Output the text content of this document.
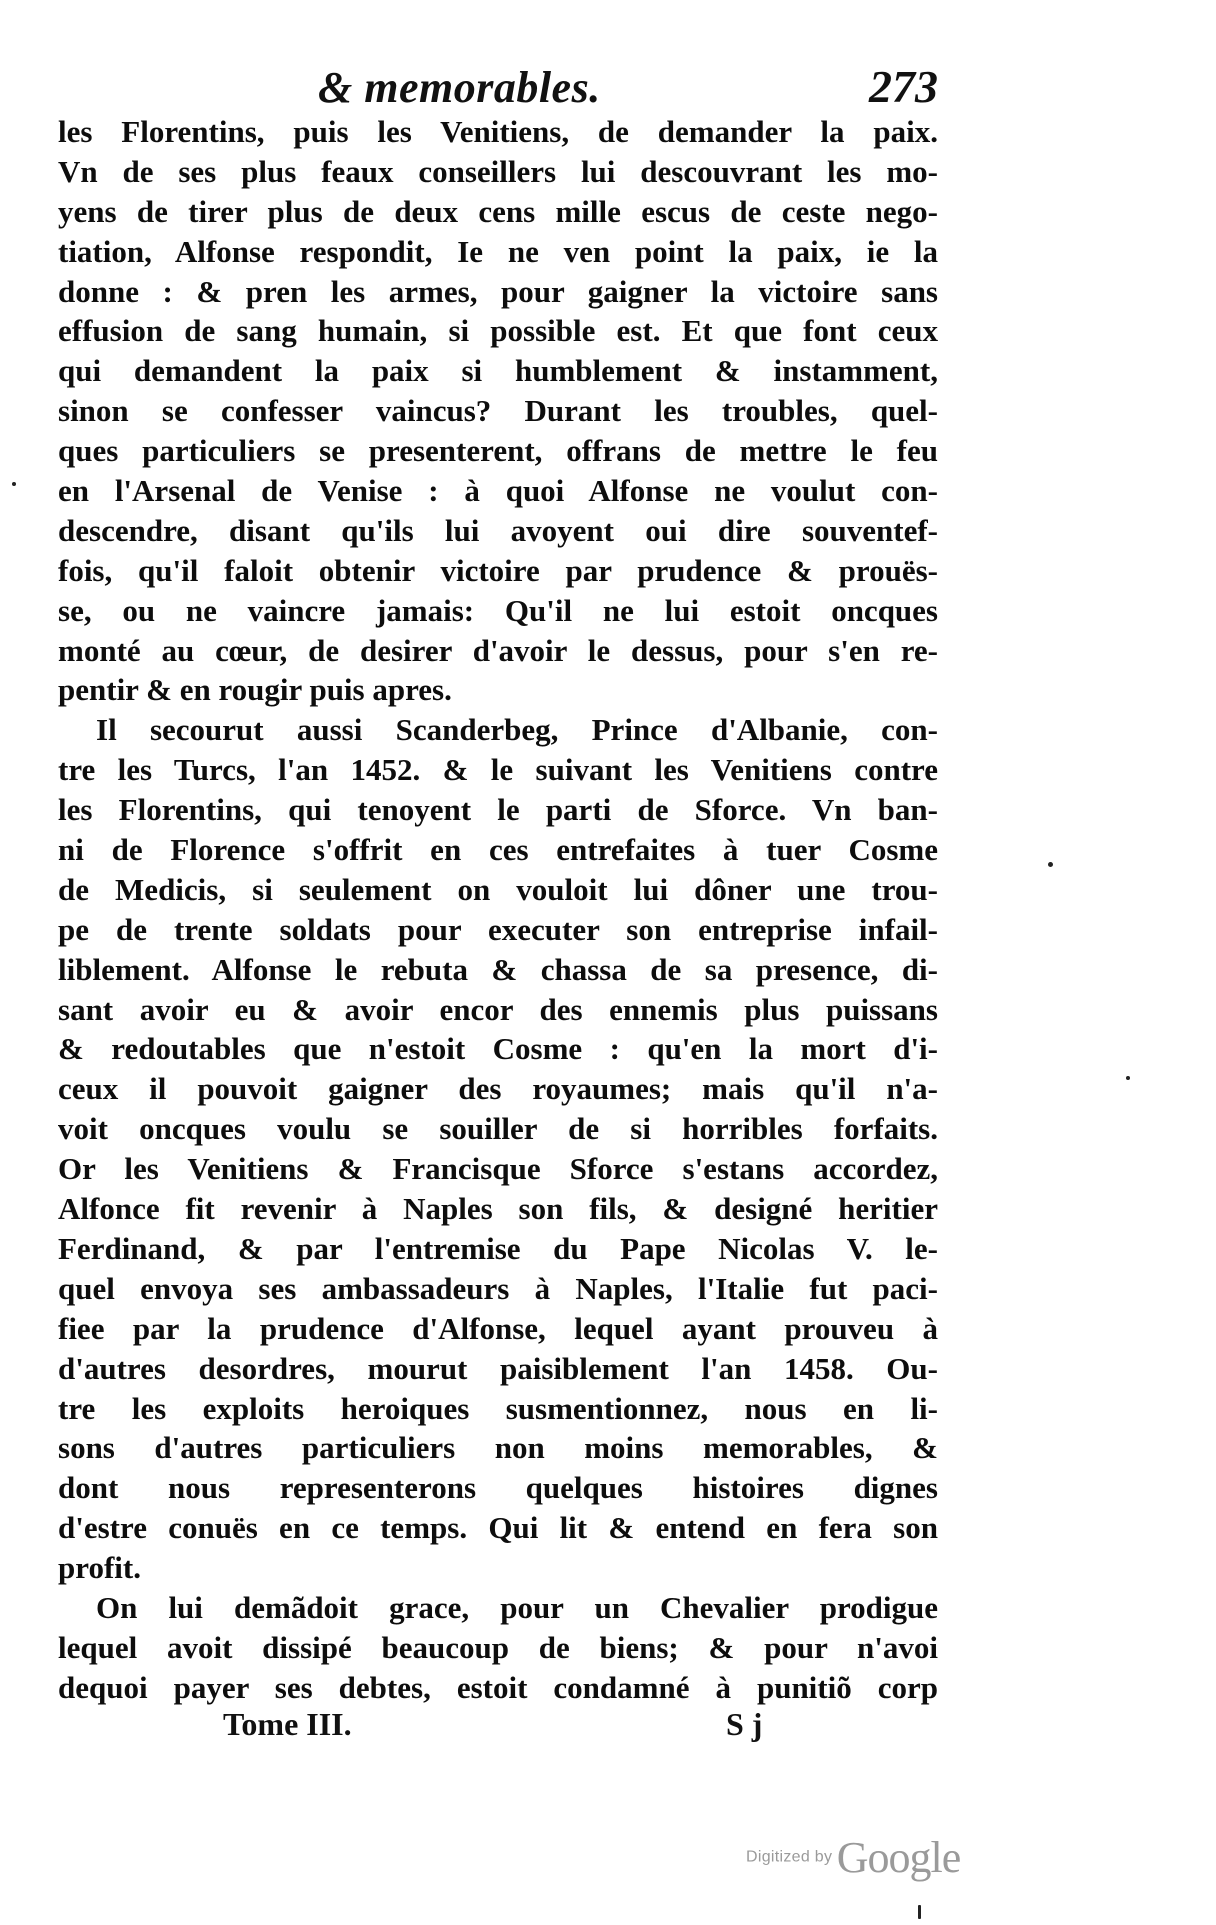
& memorables.	273
les Florentins, puis les Venitiens, de demander la paix.
Vn de ses plus feaux conseillers lui descouvrant les mo-
yens de tirer plus de deux cens mille escus de ceste nego-
tiation, Alfonse respondit, Ie ne ven point la paix, ie la
donne : & pren les armes, pour gaigner la victoire sans
effusion de sang humain, si possible est. Et que font ceux
qui demandent la paix si humblement & instamment,
sinon se confesser vaincus? Durant les troubles, quel-
ques particuliers se presenterent, offrans de mettre le feu
en l'Arsenal de Venise : à quoi Alfonse ne voulut con-
descendre, disant qu'ils lui avoyent oui dire souventef-
fois, qu'il faloit obtenir victoire par prudence & prouës-
se, ou ne vaincre jamais: Qu'il ne lui estoit oncques
monté au cœur, de desirer d'avoir le dessus, pour s'en re-
pentir & en rougir puis apres.
Il secourut aussi Scanderbeg, Prince d'Albanie, con-
tre les Turcs, l'an 1452. & le suivant les Venitiens contre
les Florentins, qui tenoyent le parti de Sforce. Vn ban-
ni de Florence s'offrit en ces entrefaites à tuer Cosme
de Medicis, si seulement on vouloit lui dôner une trou-
pe de trente soldats pour executer son entreprise infail-
liblement. Alfonse le rebuta & chassa de sa presence, di-
sant avoir eu & avoir encor des ennemis plus puissans
& redoutables que n'estoit Cosme : qu'en la mort d'i-
ceux il pouvoit gaigner des royaumes; mais qu'il n'a-
voit oncques voulu se souiller de si horribles forfaits.
Or les Venitiens & Francisque Sforce s'estans accordez,
Alfonce fit revenir à Naples son fils, & designé heritier
Ferdinand, & par l'entremise du Pape Nicolas V. le-
quel envoya ses ambassadeurs à Naples, l'Italie fut paci-
fiee par la prudence d'Alfonse, lequel ayant prouveu à
d'autres desordres, mourut paisiblement l'an 1458. Ou-
tre les exploits heroiques susmentionnez, nous en li-
sons d'autres particuliers non moins memorables, &
dont nous representerons quelques histoires dignes
d'estre conuës en ce temps. Qui lit & entend en fera son
profit.
On lui demãdoit grace, pour un Chevalier prodigue
lequel avoit dissipé beaucoup de biens; & pour n'avoi
dequoi payer ses debtes, estoit condamné à punitiõ corp
Tome III.	S j
Digitized by Google
